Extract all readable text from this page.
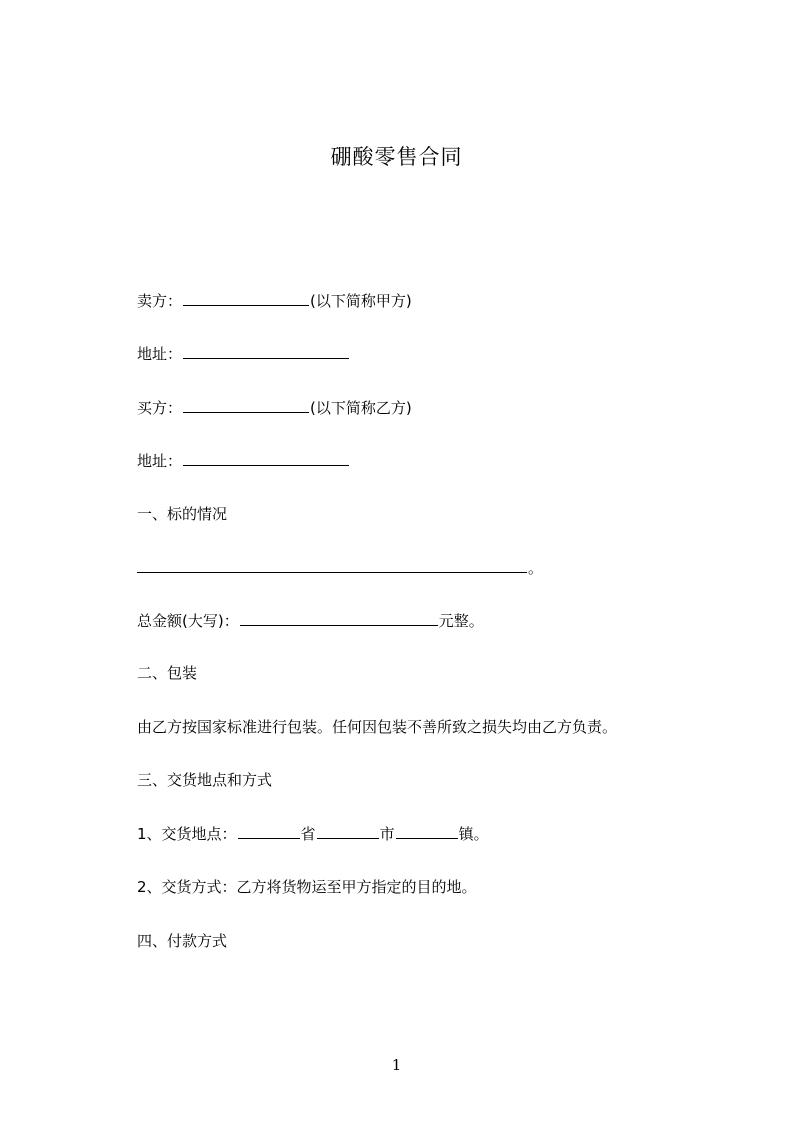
硼酸零售合同
卖方：	(以下简称甲方)
地址：
买方：	(以下简称乙方)
地址：
一、标的情况
。
总金额(大写)：	元整。
二、包装
由乙方按国家标准进行包装。任何因包装不善所致之损失均由乙方负责。
三、交货地点和方式
1、交货地点：	省	市	镇。
2、交货方式：乙方将货物运至甲方指定的目的地。
四、付款方式
1
